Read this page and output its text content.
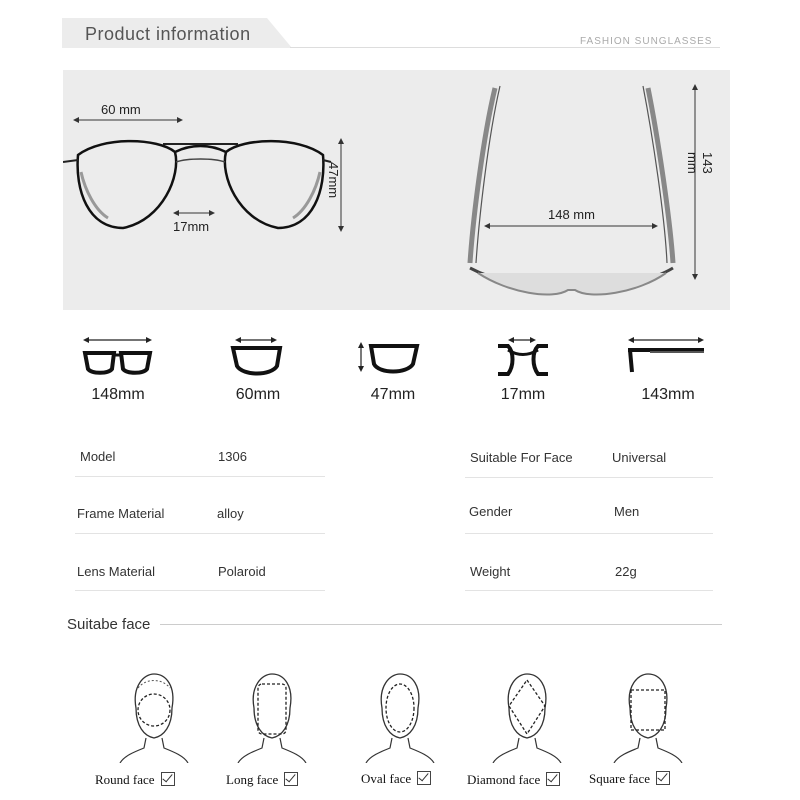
Product information	FASHION SUNGLASSES
60 mm
17mm
47mm
148 mm
143 mm
148mm	60mm	47mm	17mm	143mm
Model	1306
Frame Material	alloy
Lens Material	Polaroid
Suitable For Face	Universal
Gender	Men
Weight	22g
Suitabe face
Round face	Long face	Oval face	Diamond face	Square face
